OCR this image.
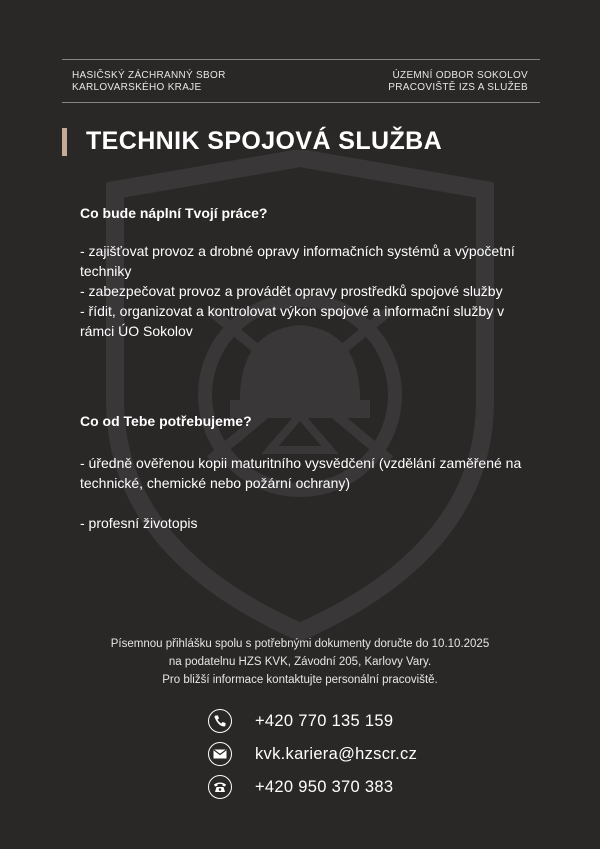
HASIČSKÝ ZÁCHRANNÝ SBOR
KARLOVARSKÉHO KRAJE
ÚZEMNÍ ODBOR SOKOLOV
PRACOVIŠTĚ IZS A SLUŽEB
TECHNIK SPOJOVÁ SLUŽBA
Co bude náplní Tvojí práce?
- zajišťovat provoz a drobné opravy informačních systémů a výpočetní techniky
- zabezpečovat provoz a provádět opravy prostředků spojové služby
- řídit, organizovat a kontrolovat výkon spojové a informační služby v rámci ÚO Sokolov
Co od Tebe potřebujeme?
- úředně ověřenou kopii maturitního vysvědčení (vzdělání zaměřené na technické, chemické nebo požární ochrany)
- profesní životopis
Písemnou přihlášku spolu s potřebnými dokumenty doručte do 10.10.2025
na podatelnu HZS KVK, Závodní 205, Karlovy Vary.
Pro bližší informace kontaktujte personální pracoviště.
+420 770 135 159
kvk.kariera@hzscr.cz
+420 950 370 383
